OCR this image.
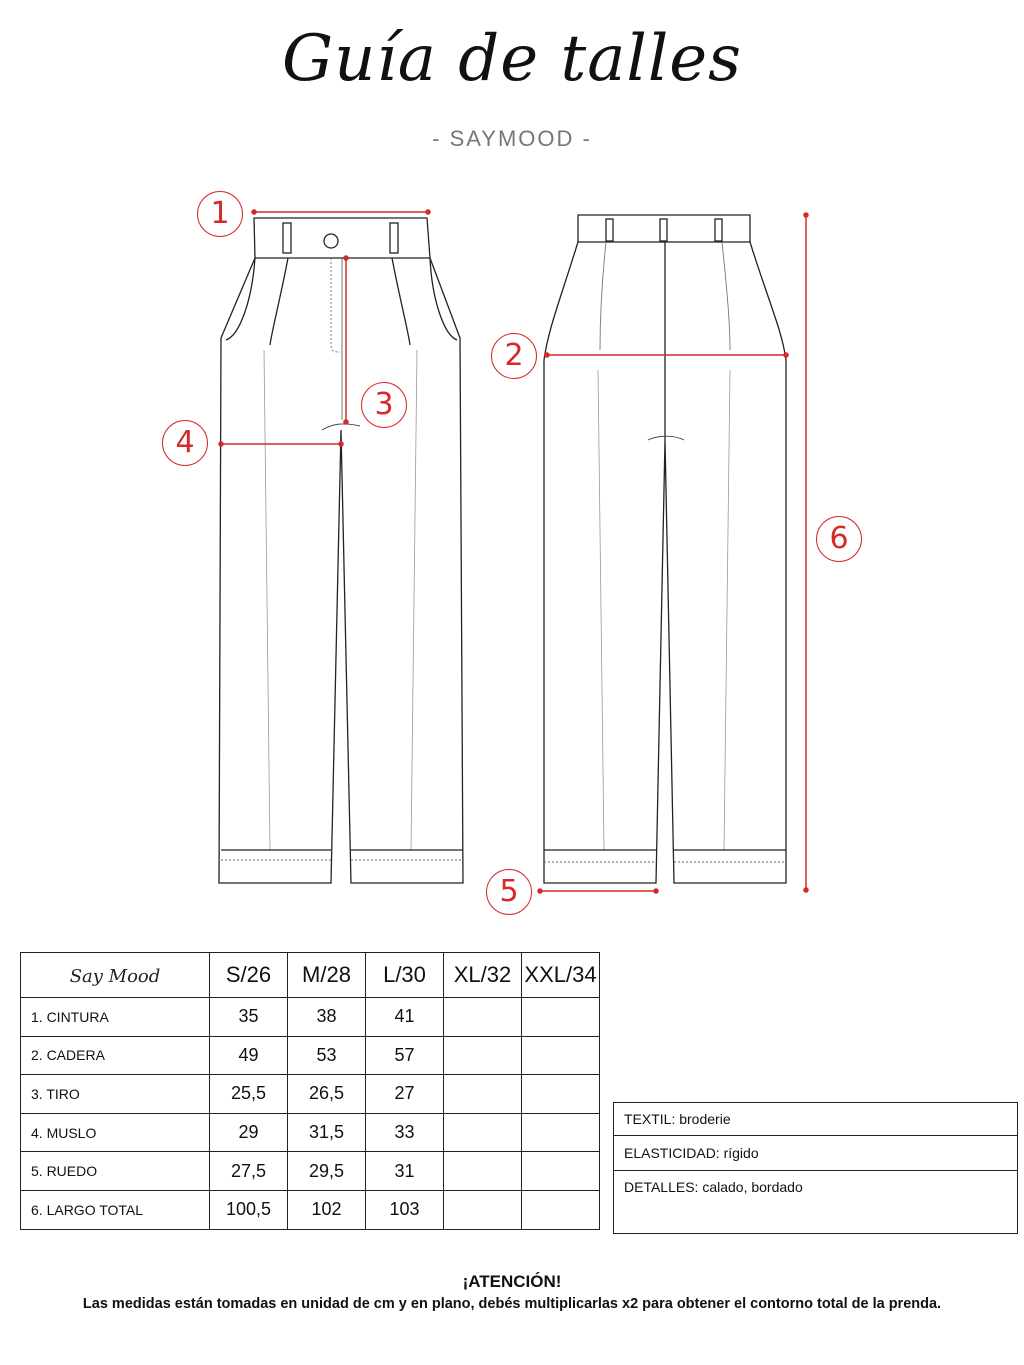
Guía de talles
- SAYMOOD -
1
2
3
4
5
6
Say Mood	S/26	M/28	L/30	XL/32	XXL/34
1. CINTURA	35	38	41		
2. CADERA	49	53	57		
3. TIRO	25,5	26,5	27		
4. MUSLO	29	31,5	33		
5. RUEDO	27,5	29,5	31		
6. LARGO TOTAL	100,5	102	103		
TEXTIL: broderie
ELASTICIDAD: rígido
DETALLES: calado, bordado
¡ATENCIÓN!
Las medidas están tomadas en unidad de cm y en plano, debés multiplicarlas x2 para obtener el contorno total de la prenda.
